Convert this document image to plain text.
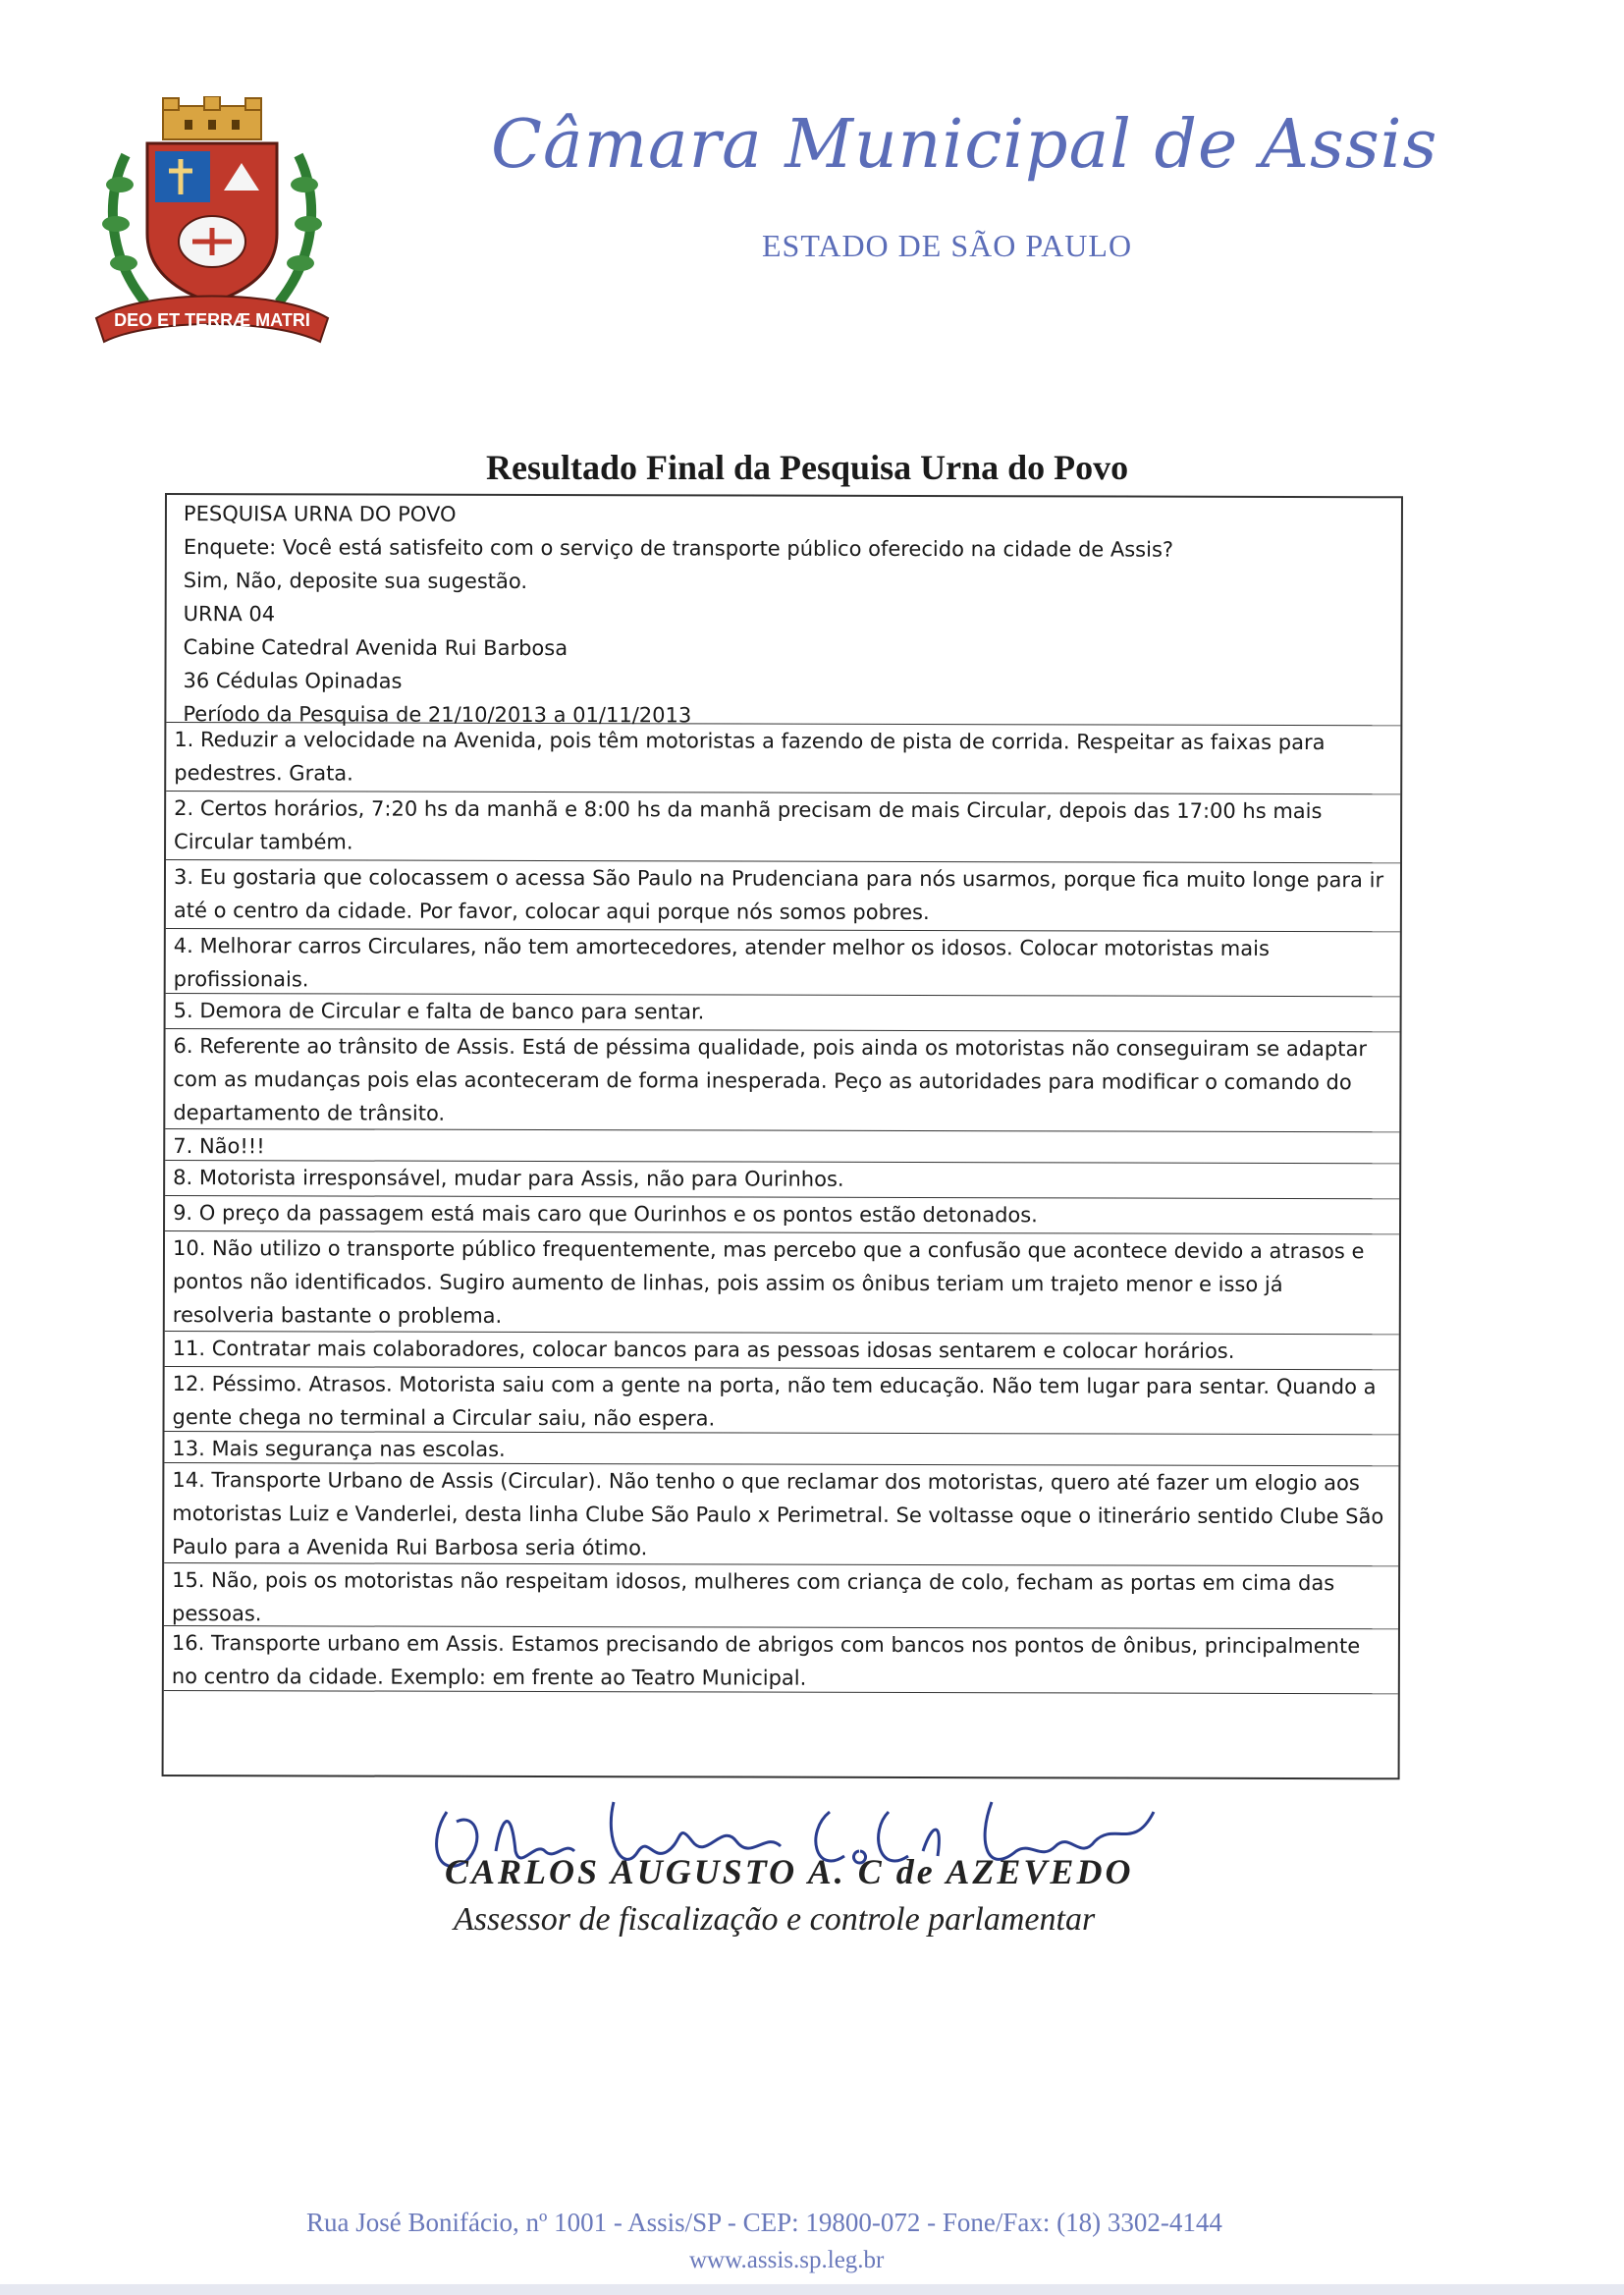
DEO ET TERRÆ MATRI
Câmara Municipal de Assis
ESTADO DE SÃO PAULO
Resultado Final da Pesquisa Urna do Povo
PESQUISA URNA DO POVO
Enquete: Você está satisfeito com o serviço de transporte público oferecido na cidade de Assis?
Sim, Não, deposite sua sugestão.
URNA 04
Cabine Catedral Avenida Rui Barbosa
36 Cédulas Opinadas
Período da Pesquisa de 21/10/2013 a 01/11/2013
1. Reduzir a velocidade na Avenida, pois têm motoristas a fazendo de pista de corrida. Respeitar as faixas para pedestres. Grata.
2. Certos horários, 7:20 hs da manhã e 8:00 hs da manhã precisam de mais Circular, depois das 17:00 hs mais Circular também.
3. Eu gostaria que colocassem o acessa São Paulo na Prudenciana para nós usarmos, porque fica muito longe para ir até o centro da cidade. Por favor, colocar aqui porque nós somos pobres.
4. Melhorar carros Circulares, não tem amortecedores, atender melhor os idosos. Colocar motoristas mais profissionais.
5. Demora de Circular e falta de banco para sentar.
6. Referente ao trânsito de Assis. Está de péssima qualidade, pois ainda os motoristas não conseguiram se adaptar com as mudanças pois elas aconteceram de forma inesperada. Peço as autoridades para modificar o comando do departamento de trânsito.
7. Não!!!
8. Motorista irresponsável, mudar para Assis, não para Ourinhos.
9. O preço da passagem está mais caro que Ourinhos e os pontos estão detonados.
10. Não utilizo o transporte público frequentemente, mas percebo que a confusão que acontece devido a atrasos e pontos não identificados. Sugiro aumento de linhas, pois assim os ônibus teriam um trajeto menor e isso já resolveria bastante o problema.
11. Contratar mais colaboradores, colocar bancos para as pessoas idosas sentarem e colocar horários.
12. Péssimo. Atrasos. Motorista saiu com a gente na porta, não tem educação. Não tem lugar para sentar. Quando a gente chega no terminal a Circular saiu, não espera.
13. Mais segurança nas escolas.
14. Transporte Urbano de Assis (Circular). Não tenho o que reclamar dos motoristas, quero até fazer um elogio aos motoristas Luiz e Vanderlei, desta linha Clube São Paulo x Perimetral. Se voltasse oque o itinerário sentido Clube São Paulo para a Avenida Rui Barbosa seria ótimo.
15. Não, pois os motoristas não respeitam idosos, mulheres com criança de colo, fecham as portas em cima das pessoas.
16. Transporte urbano em Assis. Estamos precisando de abrigos com bancos nos pontos de ônibus, principalmente no centro da cidade. Exemplo: em frente ao Teatro Municipal.
CARLOS AUGUSTO A. C de AZEVEDO
Assessor de fiscalização e controle parlamentar
Rua José Bonifácio, nº 1001 - Assis/SP - CEP: 19800-072 - Fone/Fax: (18) 3302-4144
www.assis.sp.leg.br
